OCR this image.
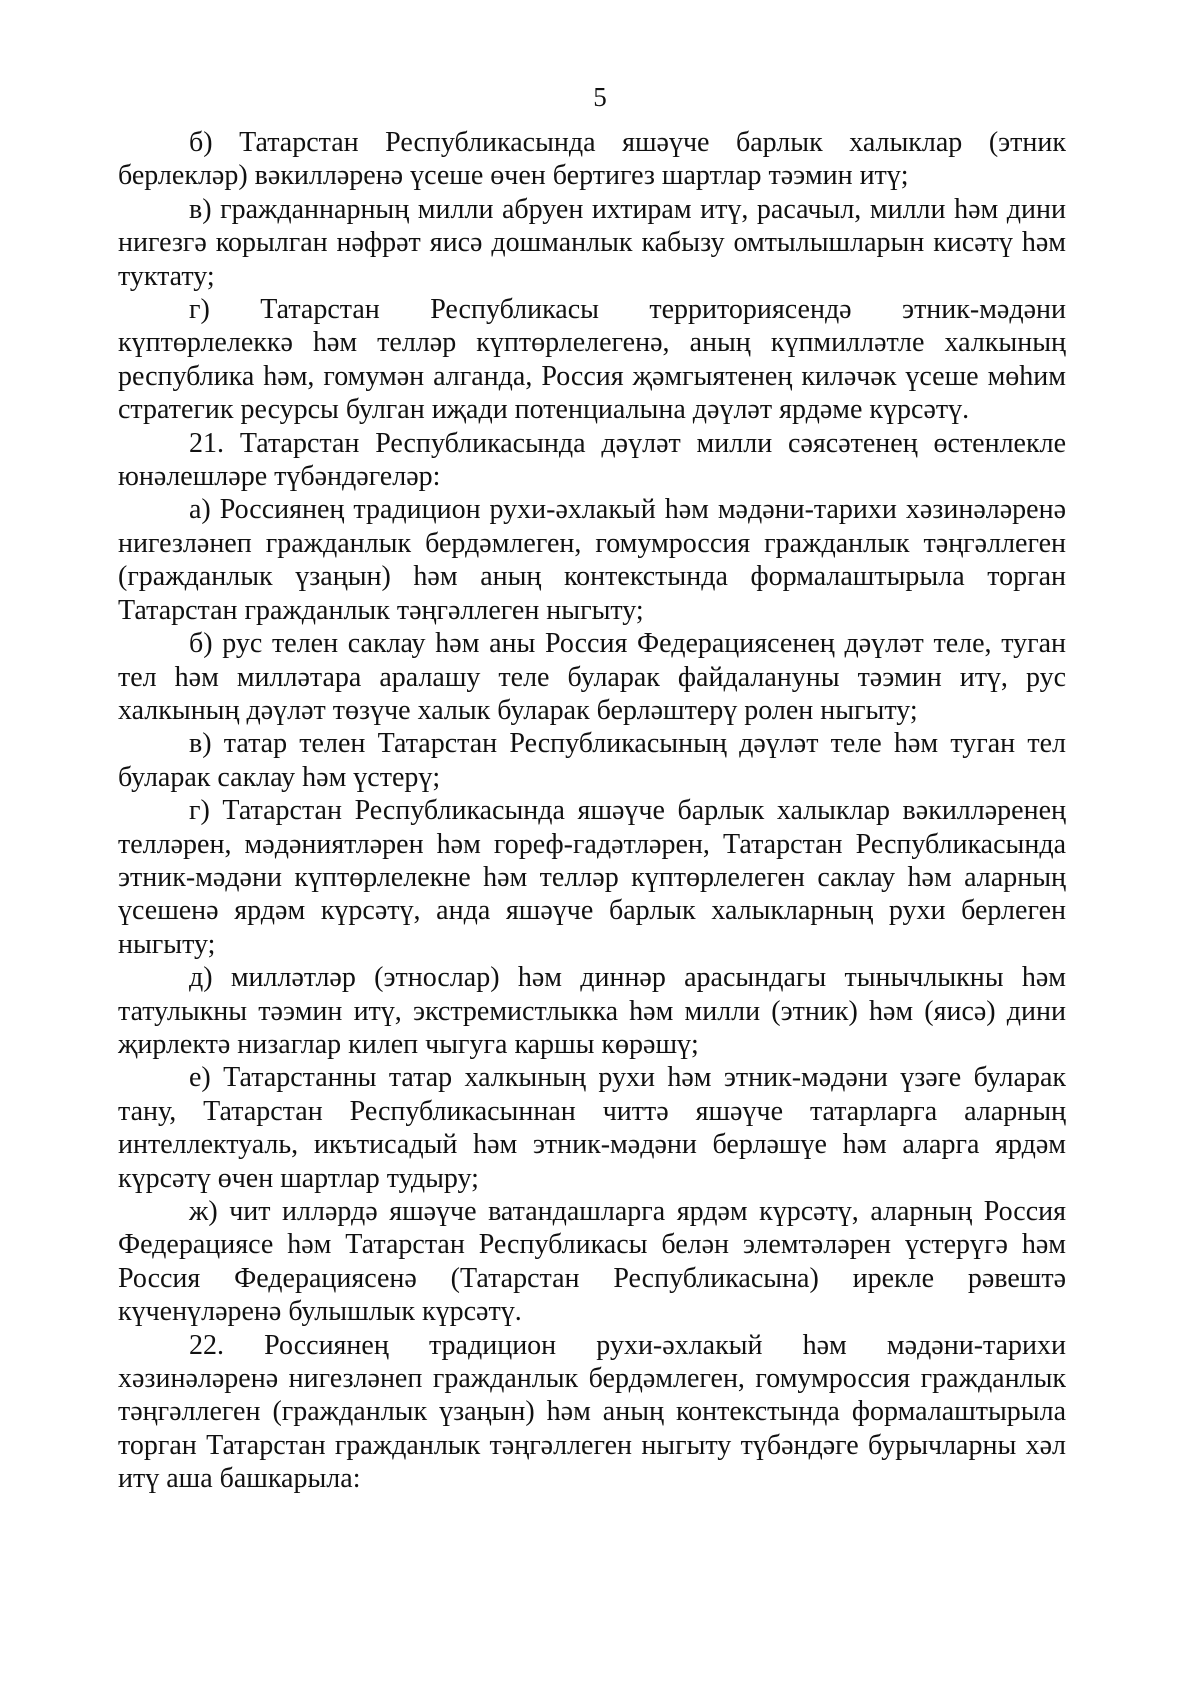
5

б) Татарстан Республикасында яшәүче барлык халыклар (этник берлекләр) вәкилләренә үсеше өчен бертигез шартлар тәэмин итү;

в) гражданнарның милли абруен ихтирам итү, расачыл, милли һәм дини нигезгә корылган нәфрәт яисә дошманлык кабызу омтылышларын кисәтү һәм туктату;

г) Татарстан Республикасы территориясендә этник-мәдәни күптөрлелеккә һәм телләр күптөрлелегенә, аның күпмилләтле халкының республика һәм, гомумән алганда, Россия җәмгыятенең киләчәк үсеше мөһим стратегик ресурсы булган иҗади потенциалына дәүләт ярдәме күрсәтү.

21. Татарстан Республикасында дәүләт милли сәясәтенең өстенлекле юнәлешләре түбәндәгеләр:

а) Россиянең традицион рухи-әхлакый һәм мәдәни-тарихи хәзинәләренә нигезләнеп гражданлык бердәмлеген, гомумроссия гражданлык тәңгәллеген (гражданлык үзаңын) һәм аның контекстында формалаштырыла торган Татарстан гражданлык тәңгәллеген ныгыту;

б) рус телен саклау һәм аны Россия Федерациясенең дәүләт теле, туган тел һәм милләтара аралашу теле буларак файдалануны тәэмин итү, рус халкының дәүләт төзүче халык буларак берләштерү ролен ныгыту;

в) татар телен Татарстан Республикасының дәүләт теле һәм туган тел буларак саклау һәм үстерү;

г) Татарстан Республикасында яшәүче барлык халыклар вәкилләренең телләрен, мәдәниятләрен һәм гореф-гадәтләрен, Татарстан Республикасында этник-мәдәни күптөрлелекне һәм телләр күптөрлелеген саклау һәм аларның үсешенә ярдәм күрсәтү, анда яшәүче барлык халыкларның рухи берлеген ныгыту;

д) милләтләр (этнослар) һәм диннәр арасындагы тынычлыкны һәм татулыкны тәэмин итү, экстремистлыкка һәм милли (этник) һәм (яисә) дини җирлектә низаглар килеп чыгуга каршы көрәшү;

е) Татарстанны татар халкының рухи һәм этник-мәдәни үзәге буларак тану, Татарстан Республикасыннан читтә яшәүче татарларга аларның интеллектуаль, икътисадый һәм этник-мәдәни берләшүе һәм аларга ярдәм күрсәтү өчен шартлар тудыру;

ж) чит илләрдә яшәүче ватандашларга ярдәм күрсәтү, аларның Россия Федерациясе һәм Татарстан Республикасы белән элемтәләрен үстерүгә һәм Россия Федерациясенә (Татарстан Республикасына) ирекле рәвештә күченүләренә булышлык күрсәтү.

22. Россиянең традицион рухи-әхлакый һәм мәдәни-тарихи хәзинәләренә нигезләнеп гражданлык бердәмлеген, гомумроссия гражданлык тәңгәллеген (гражданлык үзаңын) һәм аның контекстында формалаштырыла торган Татарстан гражданлык тәңгәллеген ныгыту түбәндәге бурычларны хәл итү аша башкарыла:
